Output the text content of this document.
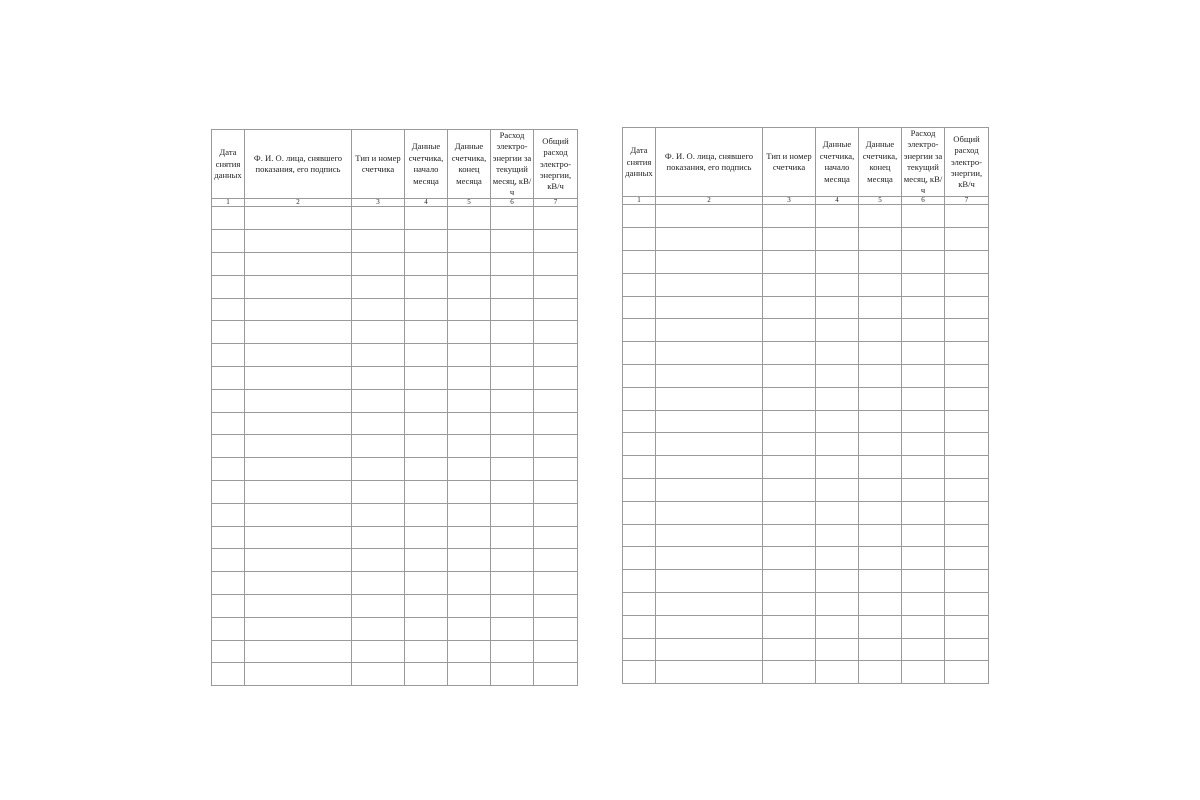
Дата снятия данных	Ф. И. О. лица, снявшего показания, его подпись	Тип и номер счетчика	Данные счетчика, начало месяца	Данные счетчика, конец месяца	Расход электро-энергии за текущий месяц, кВ/ч	Общий расход электро-энергии, кВ/ч
1	2	3	4	5	6	7

Дата снятия данных	Ф. И. О. лица, снявшего показания, его подпись	Тип и номер счетчика	Данные счетчика, начало месяца	Данные счетчика, конец месяца	Расход электро-энергии за текущий месяц, кВ/ч	Общий расход электро-энергии, кВ/ч
1	2	3	4	5	6	7
